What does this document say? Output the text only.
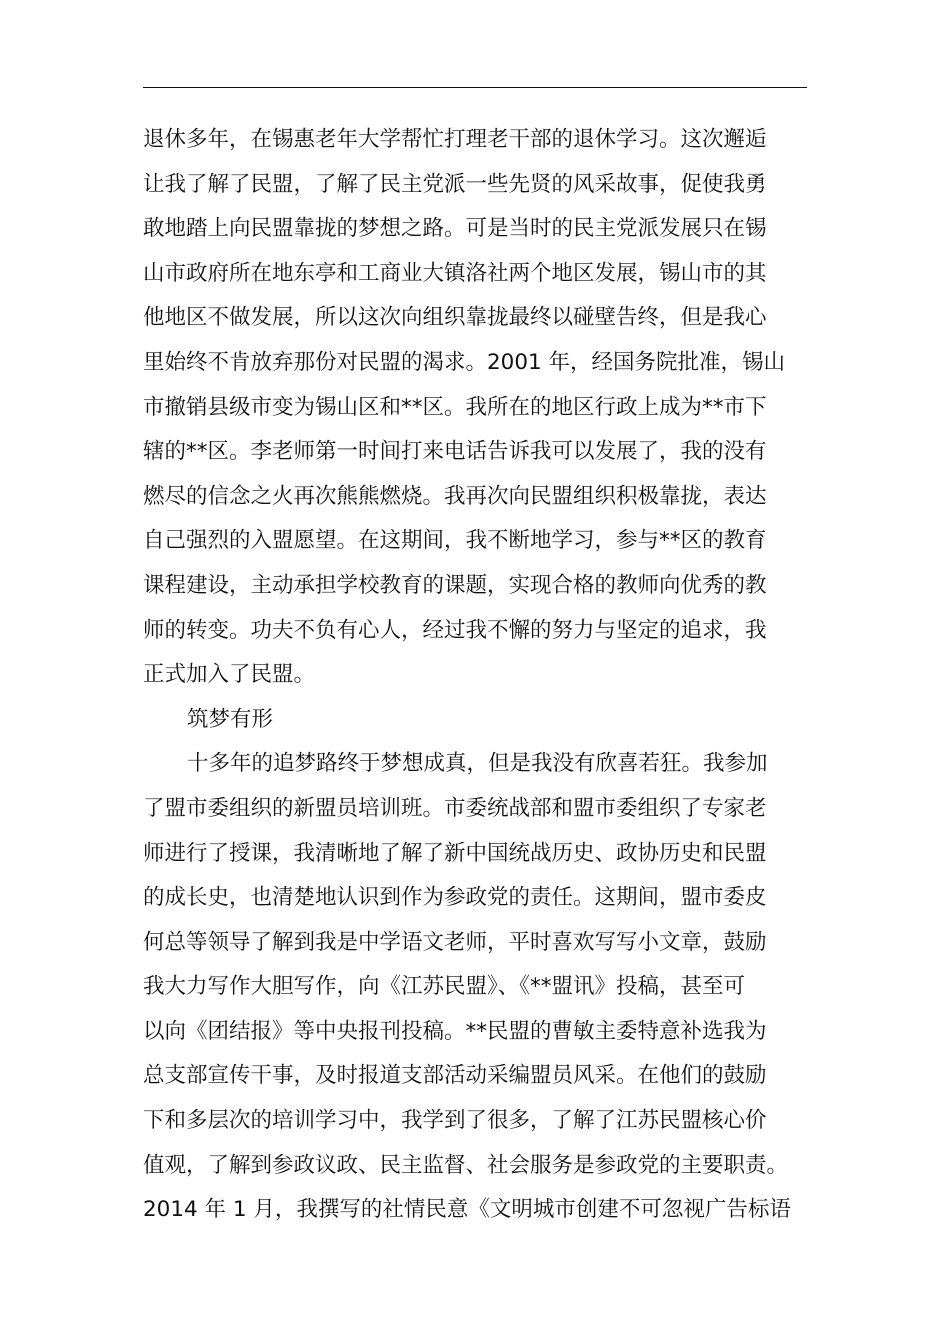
退休多年，在锡惠老年大学帮忙打理老干部的退休学习。这次邂逅
让我了解了民盟，了解了民主党派一些先贤的风采故事，促使我勇
敢地踏上向民盟靠拢的梦想之路。可是当时的民主党派发展只在锡
山市政府所在地东亭和工商业大镇洛社两个地区发展，锡山市的其
他地区不做发展，所以这次向组织靠拢最终以碰壁告终，但是我心
里始终不肯放弃那份对民盟的渴求。2001 年，经国务院批准，锡山
市撤销县级市变为锡山区和**区。我所在的地区行政上成为**市下
辖的**区。李老师第一时间打来电话告诉我可以发展了，我的没有
燃尽的信念之火再次熊熊燃烧。我再次向民盟组织积极靠拢，表达
自己强烈的入盟愿望。在这期间，我不断地学习，参与**区的教育
课程建设，主动承担学校教育的课题，实现合格的教师向优秀的教
师的转变。功夫不负有心人，经过我不懈的努力与坚定的追求，我
正式加入了民盟。
筑梦有形
十多年的追梦路终于梦想成真，但是我没有欣喜若狂。我参加
了盟市委组织的新盟员培训班。市委统战部和盟市委组织了专家老
师进行了授课，我清晰地了解了新中国统战历史、政协历史和民盟
的成长史，也清楚地认识到作为参政党的责任。这期间，盟市委皮
何总等领导了解到我是中学语文老师，平时喜欢写写小文章，鼓励
我大力写作大胆写作，向《江苏民盟》、《**盟讯》投稿，甚至可
以向《团结报》等中央报刊投稿。**民盟的曹敏主委特意补选我为
总支部宣传干事，及时报道支部活动采编盟员风采。在他们的鼓励
下和多层次的培训学习中，我学到了很多，了解了江苏民盟核心价
值观，了解到参政议政、民主监督、社会服务是参政党的主要职责。
2014 年 1 月，我撰写的社情民意《文明城市创建不可忽视广告标语
